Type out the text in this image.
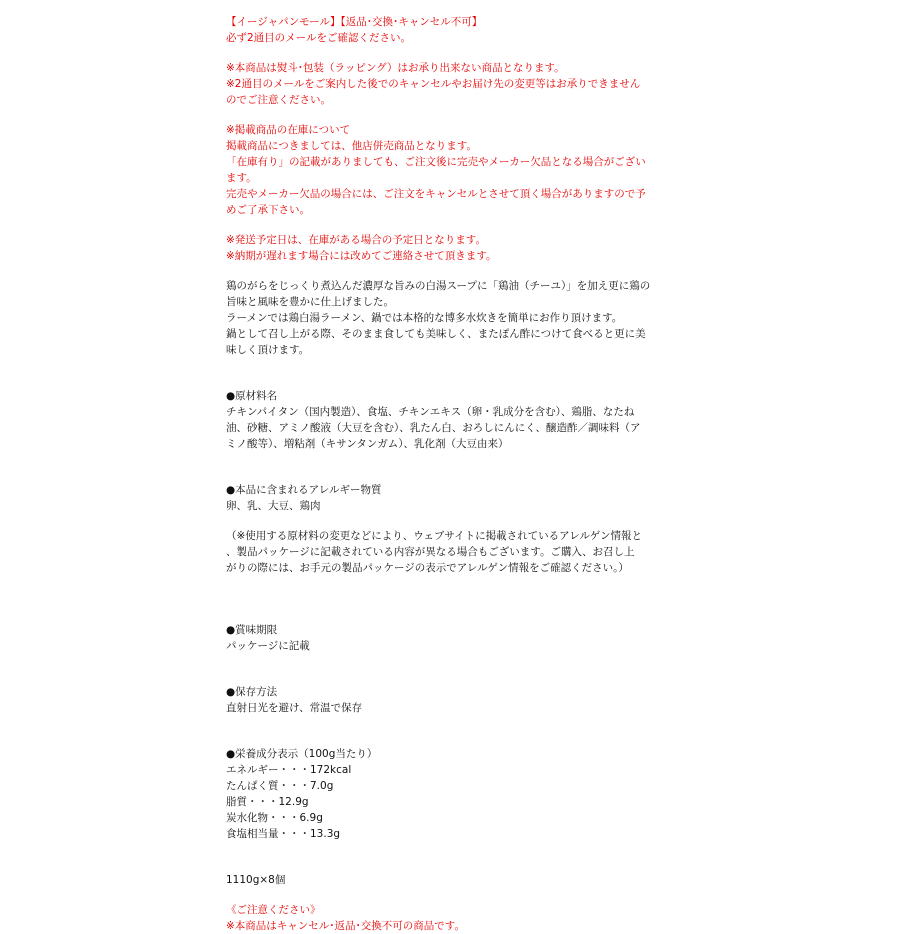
【イージャパンモール】【返品･交換･キャンセル不可】
必ず2通目のメールをご確認ください。
※本商品は熨斗･包装（ラッピング）はお承り出来ない商品となります。
※2通目のメールをご案内した後でのキャンセルやお届け先の変更等はお承りできません
のでご注意ください。
※掲載商品の在庫について
掲載商品につきましては、他店併売商品となります。
「在庫有り」の記載がありましても、ご注文後に完売やメーカー欠品となる場合がござい
ます。
完売やメーカー欠品の場合には、ご注文をキャンセルとさせて頂く場合がありますので予
めご了承下さい。
※発送予定日は、在庫がある場合の予定日となります。
※納期が遅れます場合には改めてご連絡させて頂きます。
鶏のがらをじっくり煮込んだ濃厚な旨みの白湯スープに「鶏油（チーユ）」を加え更に鶏の
旨味と風味を豊かに仕上げました。
ラーメンでは鶏白湯ラーメン、鍋では本格的な博多水炊きを簡単にお作り頂けます。
鍋として召し上がる際、そのまま食しても美味しく、またぽん酢につけて食べると更に美
味しく頂けます。
●原材料名
チキンパイタン（国内製造）、食塩、チキンエキス（卵・乳成分を含む）、鶏脂、なたね
油、砂糖、アミノ酸液（大豆を含む）、乳たん白、おろしにんにく、醸造酢／調味料（ア
ミノ酸等）、増粘剤（キサンタンガム）、乳化剤（大豆由来）
●本品に含まれるアレルギー物質
卵、乳、大豆、鶏肉
（※使用する原材料の変更などにより、ウェブサイトに掲載されているアレルゲン情報と
、製品パッケージに記載されている内容が異なる場合もございます。ご購入、お召し上
がりの際には、お手元の製品パッケージの表示でアレルゲン情報をご確認ください。）
●賞味期限
パッケージに記載
●保存方法
直射日光を避け、常温で保存
●栄養成分表示（100g当たり）
エネルギー・・・172kcal
たんぱく質・・・7.0g
脂質・・・12.9g
炭水化物・・・6.9g
食塩相当量・・・13.3g
1110g×8個
《ご注意ください》
※本商品はキャンセル･返品･交換不可の商品です。
